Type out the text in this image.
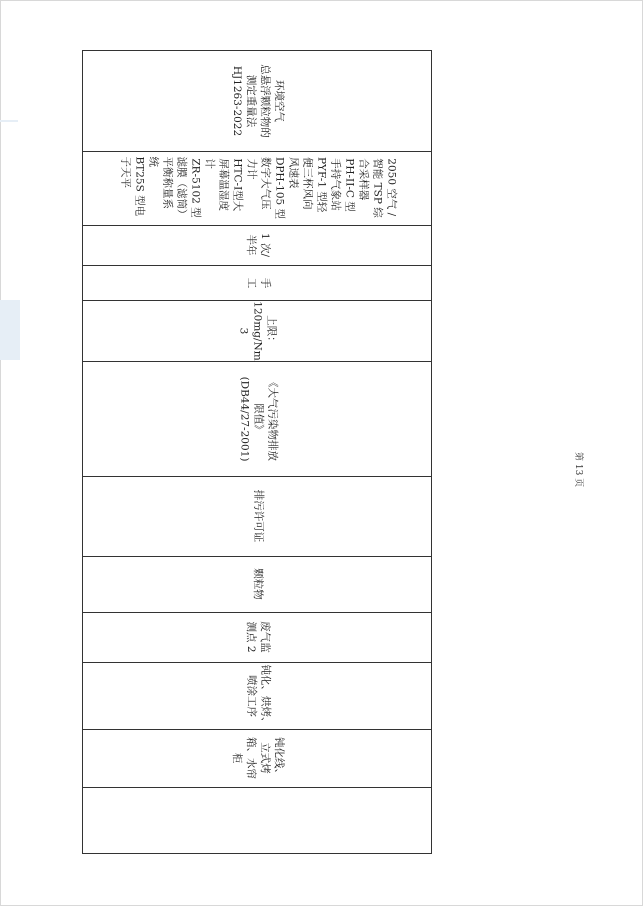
环境空气
总悬浮颗粒物的
测定重量法
HJ1263-2022
2050 空气 /
智能 TSP 综
合采样器
PH-II-C 型
手持气象站
PYF-1 型轻
便三杯风向
风速表
DPH-105 型
数字大气压
力计
HTC-Ⅰ型大
屏幕温湿度
计
ZR-5102 型
滤膜（滤筒）
平衡称量系
统
BT25S 型电
子天平
1 次/
半年
手
工
上限：
120mg/Nm
3
《大气污染物排放
限值》
(DB44/27-2001)
排污许可证
颗粒物
废气监
测点 2
钝化、烘烤、
喷涂工序
钝化线、
立式烤
箱、水帘
柜
第 13 页
